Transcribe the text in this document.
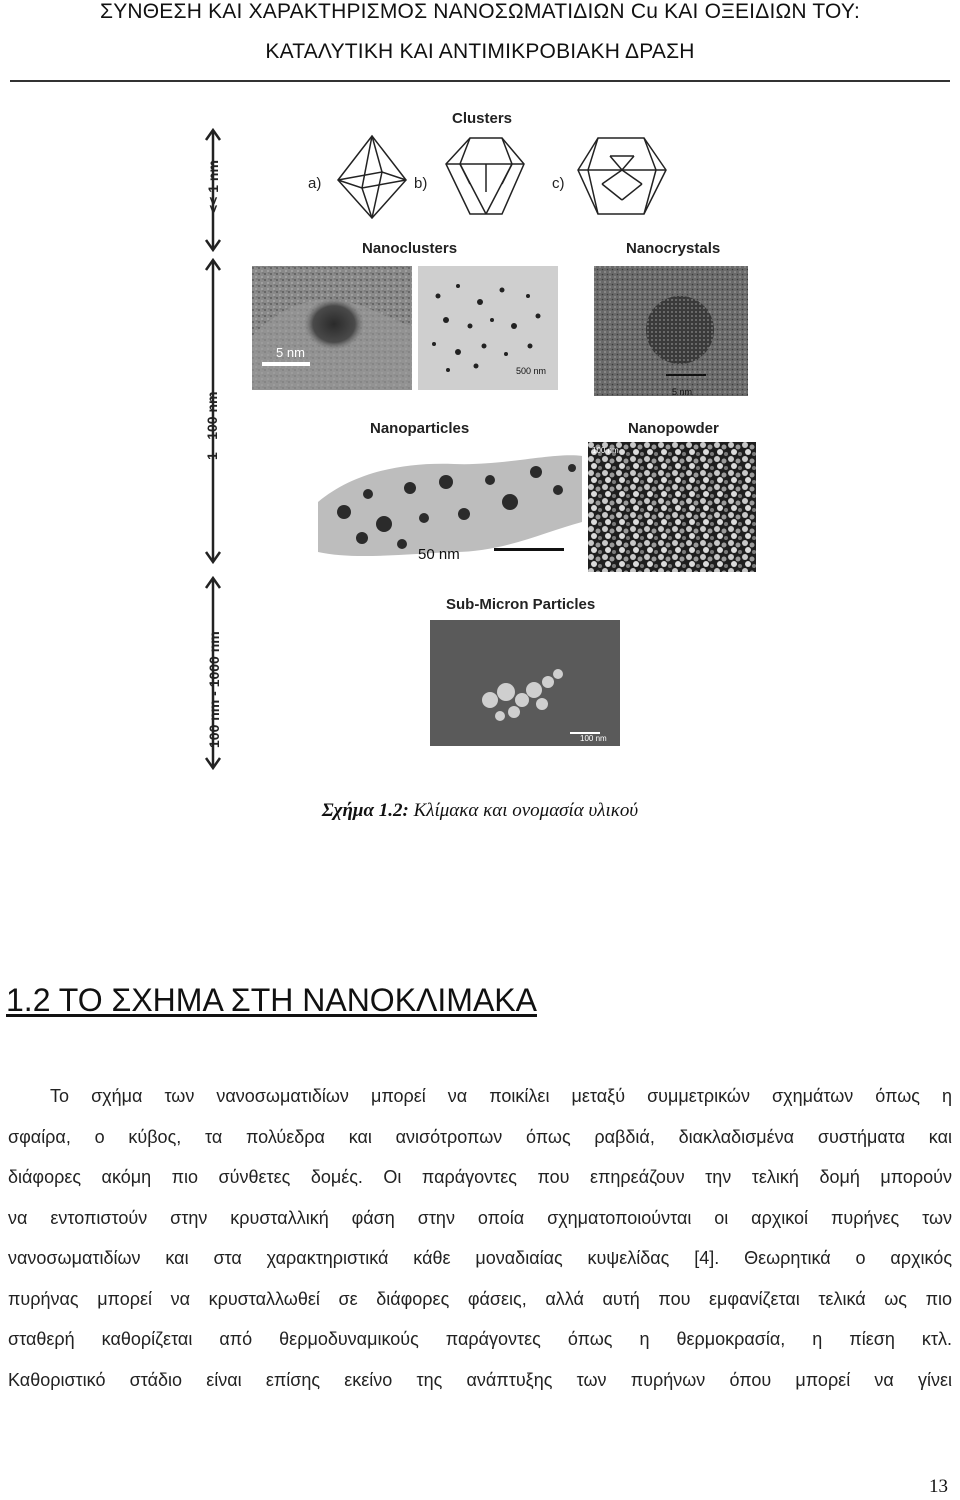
ΣΥΝΘΕΣΗ ΚΑΙ ΧΑΡΑΚΤΗΡΙΣΜΟΣ ΝΑΝΟΣΩΜΑΤΙΔΙΩΝ Cu ΚΑΙ ΟΞΕΙΔΙΩΝ ΤΟΥ:
ΚΑΤΑΛΥΤΙΚΗ ΚΑΙ ΑΝΤΙΜΙΚΡΟΒΙΑΚΗ ΔΡΑΣΗ
<< 1 nm
1 - 100 nm
100 nm - 1000 nm
Clusters
a)	b)	c)
Nanoclusters
5 nm
500 nm
Nanocrystals
5 nm
Nanoparticles
50 nm
Nanopowder
100 nm
Sub-Micron Particles
100 nm
Σχήμα 1.2: Κλίμακα και ονομασία υλικού
1.2 ΤΟ ΣΧΗΜΑ ΣΤΗ ΝΑΝΟΚΛΙΜΑΚΑ
Το σχήμα των νανοσωματιδίων μπορεί να ποικίλει μεταξύ συμμετρικών σχημάτων όπως η
σφαίρα, ο κύβος, τα πολύεδρα και ανισότροπων όπως ραβδιά, διακλαδισμένα συστήματα και
διάφορες ακόμη πιο σύνθετες δομές. Οι παράγοντες που επηρεάζουν την τελική δομή μπορούν
να εντοπιστούν στην κρυσταλλική φάση στην οποία σχηματοποιούνται οι αρχικοί πυρήνες των
νανοσωματιδίων και στα χαρακτηριστικά κάθε μοναδιαίας κυψελίδας [4]. Θεωρητικά ο αρχικός
πυρήνας μπορεί να κρυσταλλωθεί σε διάφορες φάσεις, αλλά αυτή που εμφανίζεται τελικά ως πιο
σταθερή καθορίζεται από θερμοδυναμικούς παράγοντες όπως η θερμοκρασία, η πίεση κτλ.
Καθοριστικό στάδιο είναι επίσης εκείνο της ανάπτυξης των πυρήνων όπου μπορεί να γίνει
13
